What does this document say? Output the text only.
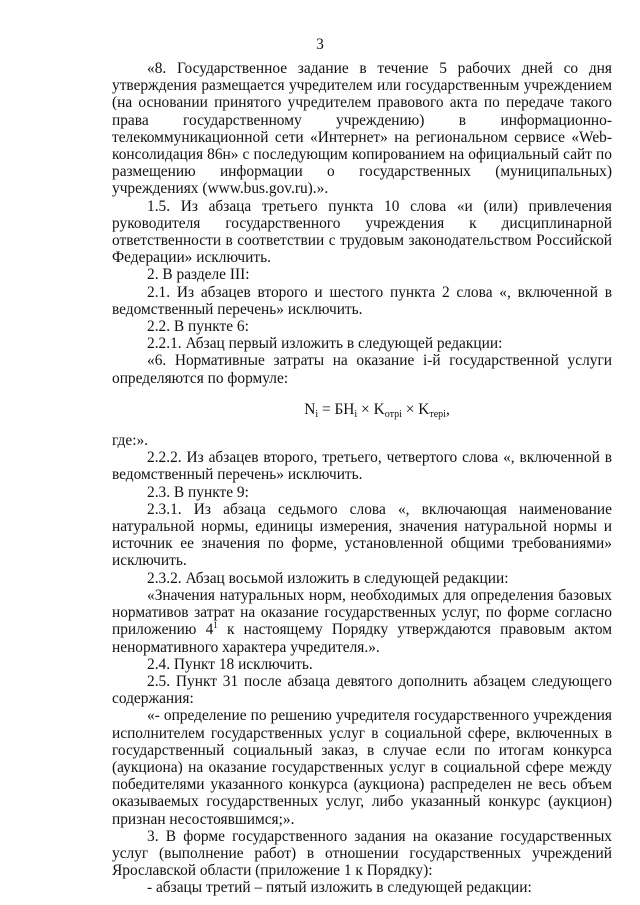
3

«8. Государственное задание в течение 5 рабочих дней со дня утверждения размещается учредителем или государственным учреждением (на основании принятого учредителем правового акта по передаче такого права государственному учреждению) в информационно-телекоммуникационной сети «Интернет» на региональном сервисе «Web-консолидация 86н» с последующим копированием на официальный сайт по размещению информации о государственных (муниципальных) учреждениях (www.bus.gov.ru).».

1.5. Из абзаца третьего пункта 10 слова «и (или) привлечения руководителя государственного учреждения к дисциплинарной ответственности в соответствии с трудовым законодательством Российской Федерации» исключить.

2. В разделе III:

2.1. Из абзацев второго и шестого пункта 2 слова «, включенной в ведомственный перечень» исключить.

2.2. В пункте 6:

2.2.1. Абзац первый изложить в следующей редакции:

«6. Нормативные затраты на оказание i-й государственной услуги определяются по формуле:

$N_i = БН_i \times K_{отрi} \times K_{терi}$,

где:».

2.2.2. Из абзацев второго, третьего, четвертого слова «, включенной в ведомственный перечень» исключить.

2.3. В пункте 9:

2.3.1. Из абзаца седьмого слова «, включающая наименование натуральной нормы, единицы измерения, значения натуральной нормы и источник ее значения по форме, установленной общими требованиями» исключить.

2.3.2. Абзац восьмой изложить в следующей редакции:

«Значения натуральных норм, необходимых для определения базовых нормативов затрат на оказание государственных услуг, по форме согласно приложению $4^1$ к настоящему Порядку утверждаются правовым актом ненормативного характера учредителя.».

2.4. Пункт 18 исключить.

2.5. Пункт 31 после абзаца девятого дополнить абзацем следующего содержания:

«- определение по решению учредителя государственного учреждения исполнителем государственных услуг в социальной сфере, включенных в государственный социальный заказ, в случае если по итогам конкурса (аукциона) на оказание государственных услуг в социальной сфере между победителями указанного конкурса (аукциона) распределен не весь объем оказываемых государственных услуг, либо указанный конкурс (аукцион) признан несостоявшимся;».

3. В форме государственного задания на оказание государственных услуг (выполнение работ) в отношении государственных учреждений Ярославской области (приложение 1 к Порядку):

- абзацы третий – пятый изложить в следующей редакции:
